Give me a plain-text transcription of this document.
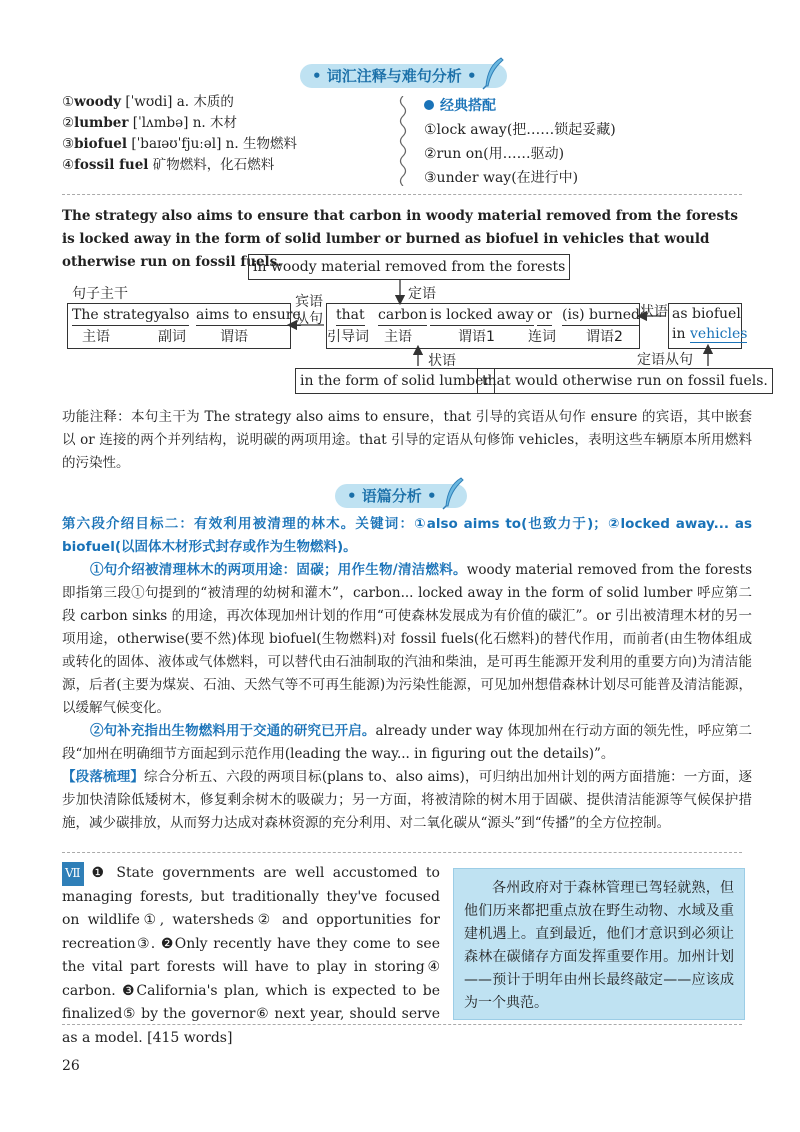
• 词汇注释与难句分析 •
①woody [ˈwʊdi] a. 木质的
②lumber [ˈlʌmbə] n. 木材
③biofuel [ˈbaɪəʊˈfjuːəl] n. 生物燃料
④fossil fuel 矿物燃料，化石燃料
经典搭配
①lock away(把……锁起妥藏)
②run on(用……驱动)
③under way(在进行中)
The strategy also aims to ensure that carbon in woody material removed from the forests is locked away in the form of solid lumber or burned as biofuel in vehicles that would otherwise run on fossil fuels.
in woody material removed from the forests
句子主干
The strategy also aims to ensure
主语	副词 谓语
宾语从句 that carbon is locked away or (is) burned
引导词 主语	谓语1 连词 谓语2
定语
状语 as biofuel
in vehicles
定语从句
状语
in the form of solid lumber
that would otherwise run on fossil fuels.
功能注释：本句主干为 The strategy also aims to ensure，that 引导的宾语从句作 ensure 的宾语，其中嵌套以 or 连接的两个并列结构，说明碳的两项用途。that 引导的定语从句修饰 vehicles，表明这些车辆原本所用燃料的污染性。
• 语篇分析 •
第六段介绍目标二：有效利用被清理的林木。关键词：①also aims to(也致力于)；②locked away... as biofuel(以固体木材形式封存或作为生物燃料)。
①句介绍被清理林木的两项用途：固碳；用作生物/清洁燃料。woody material removed from the forests 即指第三段①句提到的“被清理的幼树和灌木”，carbon... locked away in the form of solid lumber 呼应第二段 carbon sinks 的用途，再次体现加州计划的作用“可使森林发展成为有价值的碳汇”。or 引出被清理木材的另一项用途，otherwise(要不然)体现 biofuel(生物燃料)对 fossil fuels(化石燃料)的替代作用，而前者(由生物体组成或转化的固体、液体或气体燃料，可以替代由石油制取的汽油和柴油，是可再生能源开发利用的重要方向)为清洁能源，后者(主要为煤炭、石油、天然气等不可再生能源)为污染性能源，可见加州想借森林计划尽可能普及清洁能源，以缓解气候变化。
②句补充指出生物燃料用于交通的研究已开启。already under way 体现加州在行动方面的领先性，呼应第二段“加州在明确细节方面起到示范作用(leading the way... in figuring out the details)”。
【段落梳理】综合分析五、六段的两项目标(plans to、also aims)，可归纳出加州计划的两方面措施：一方面，逐步加快清除低矮树木，修复剩余树木的吸碳力；另一方面，将被清除的树木用于固碳、提供清洁能源等气候保护措施，减少碳排放，从而努力达成对森林资源的充分利用、对二氧化碳从“源头”到“传播”的全方位控制。
Ⅶ ❶ State governments are well accustomed to managing forests, but traditionally they've focused on wildlife①, watersheds② and opportunities for recreation③. ❷Only recently have they come to see the vital part forests will have to play in storing④ carbon. ❸California's plan, which is expected to be finalized⑤ by the governor⑥ next year, should serve as a model. [415 words]
各州政府对于森林管理已驾轻就熟，但他们历来都把重点放在野生动物、水域及重建机遇上。直到最近，他们才意识到必须让森林在碳储存方面发挥重要作用。加州计划——预计于明年由州长最终敲定——应该成为一个典范。
26
